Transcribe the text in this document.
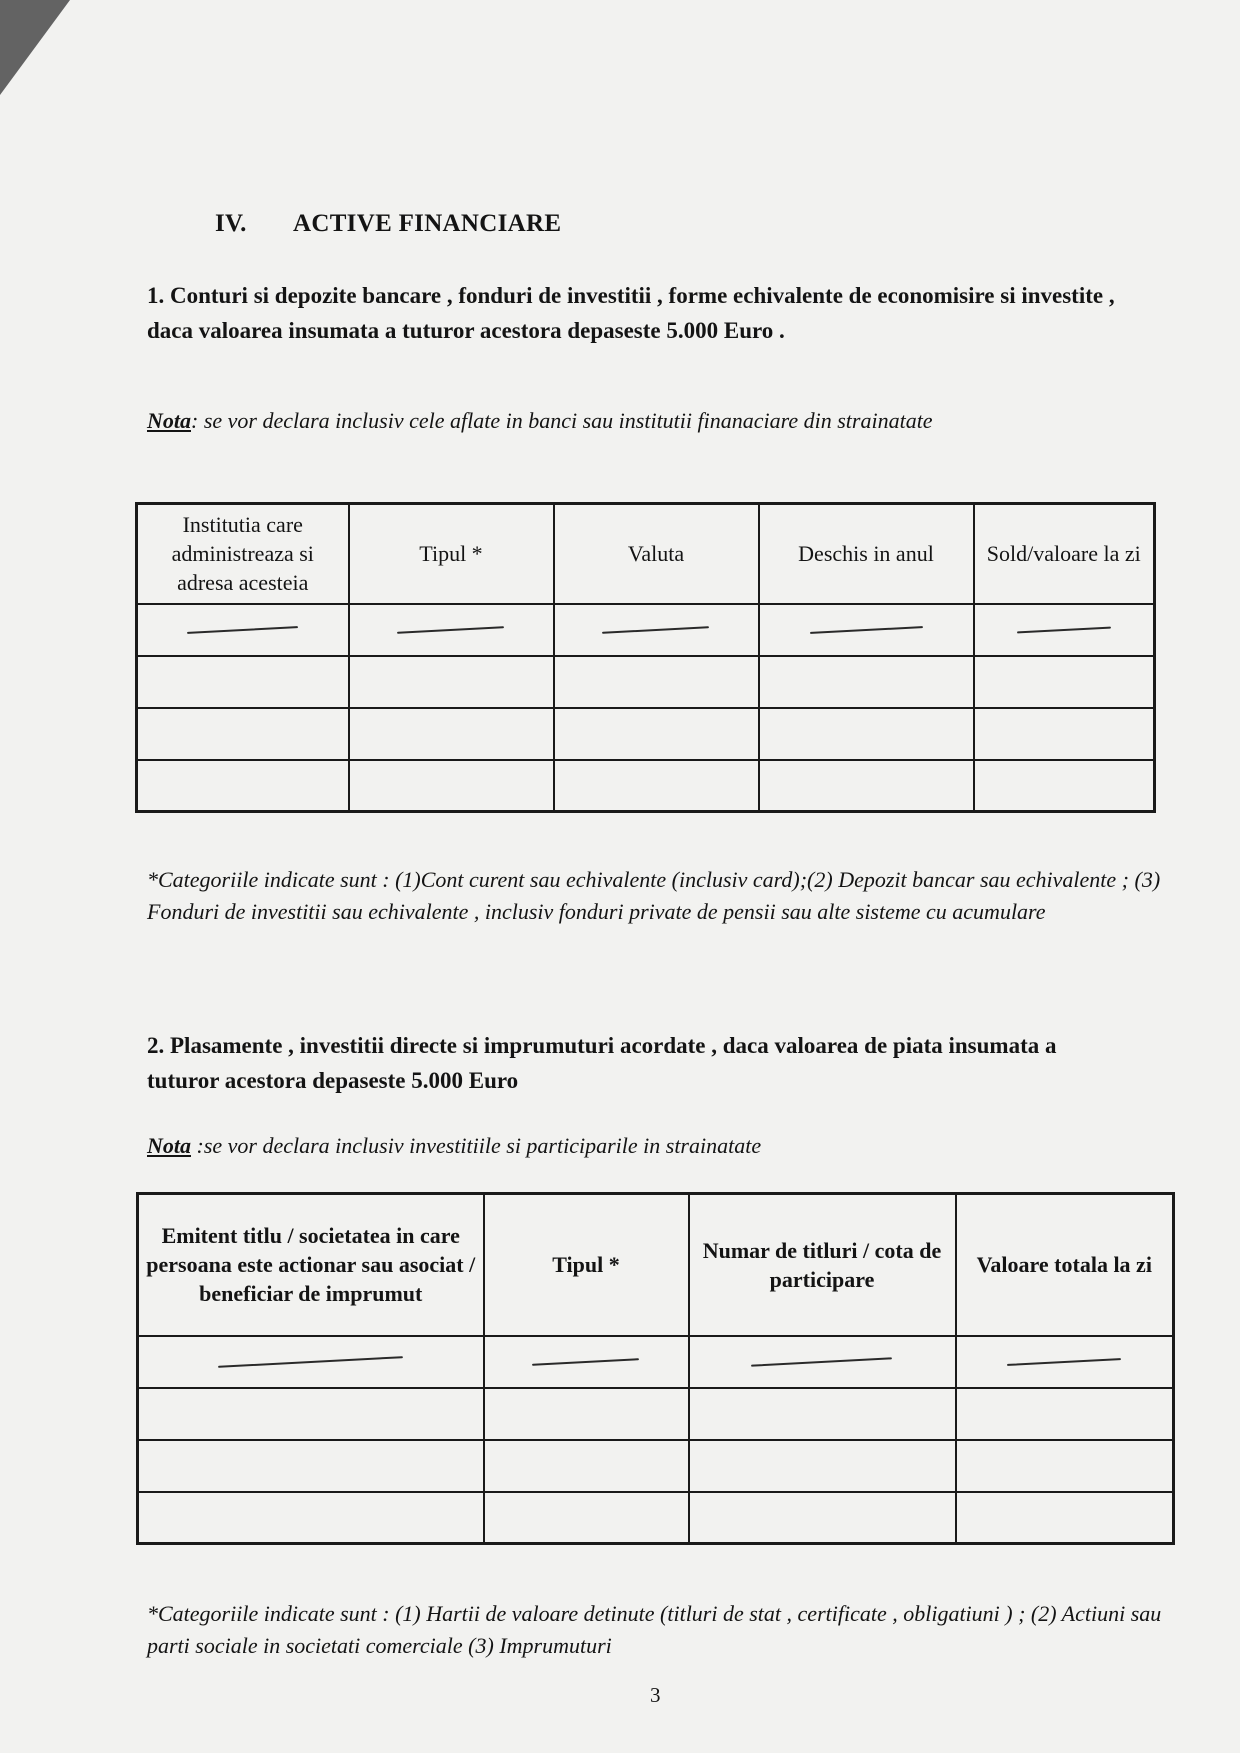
IV. ACTIVE FINANCIARE
1. Conturi si depozite bancare , fonduri de investitii , forme echivalente de economisire si investite , daca valoarea insumata a tuturor acestora depaseste 5.000 Euro .
Nota: se vor declara inclusiv cele aflate in banci sau institutii finanaciare din strainatate
Institutia care administreaza si adresa acesteia	Tipul *	Valuta	Deschis in anul	Sold/valoare la zi

*Categoriile indicate sunt : (1)Cont curent sau echivalente (inclusiv card);(2) Depozit bancar sau echivalente ; (3) Fonduri de investitii sau echivalente , inclusiv fonduri private de pensii sau alte sisteme cu acumulare
2. Plasamente , investitii directe si imprumuturi acordate , daca valoarea de piata insumata a tuturor acestora depaseste 5.000 Euro
Nota :se vor declara inclusiv investitiile si participarile in strainatate
Emitent titlu / societatea in care persoana este actionar sau asociat / beneficiar de imprumut	Tipul *	Numar de titluri / cota de participare	Valoare totala la zi

*Categoriile indicate sunt : (1) Hartii de valoare detinute (titluri de stat , certificate , obligatiuni ) ; (2) Actiuni sau parti sociale in societati comerciale (3) Imprumuturi
3
